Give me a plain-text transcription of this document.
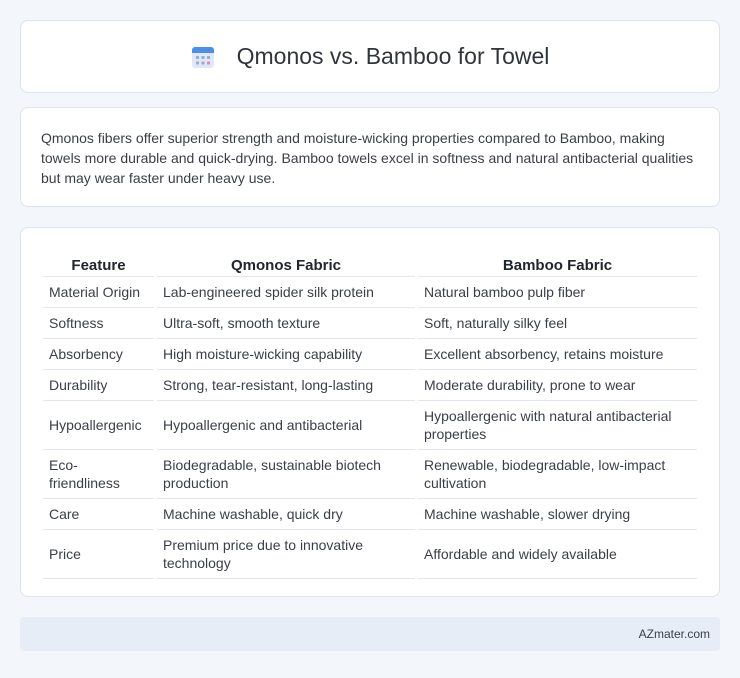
Qmonos vs. Bamboo for Towel

Qmonos fibers offer superior strength and moisture-wicking properties compared to Bamboo, making towels more durable and quick-drying. Bamboo towels excel in softness and natural antibacterial qualities but may wear faster under heavy use.

Feature	Qmonos Fabric	Bamboo Fabric
Material Origin	Lab-engineered spider silk protein	Natural bamboo pulp fiber
Softness	Ultra-soft, smooth texture	Soft, naturally silky feel
Absorbency	High moisture-wicking capability	Excellent absorbency, retains moisture
Durability	Strong, tear-resistant, long-lasting	Moderate durability, prone to wear
Hypoallergenic	Hypoallergenic and antibacterial	Hypoallergenic with natural antibacterial properties
Eco-friendliness	Biodegradable, sustainable biotech production	Renewable, biodegradable, low-impact cultivation
Care	Machine washable, quick dry	Machine washable, slower drying
Price	Premium price due to innovative technology	Affordable and widely available
AZmater.com
